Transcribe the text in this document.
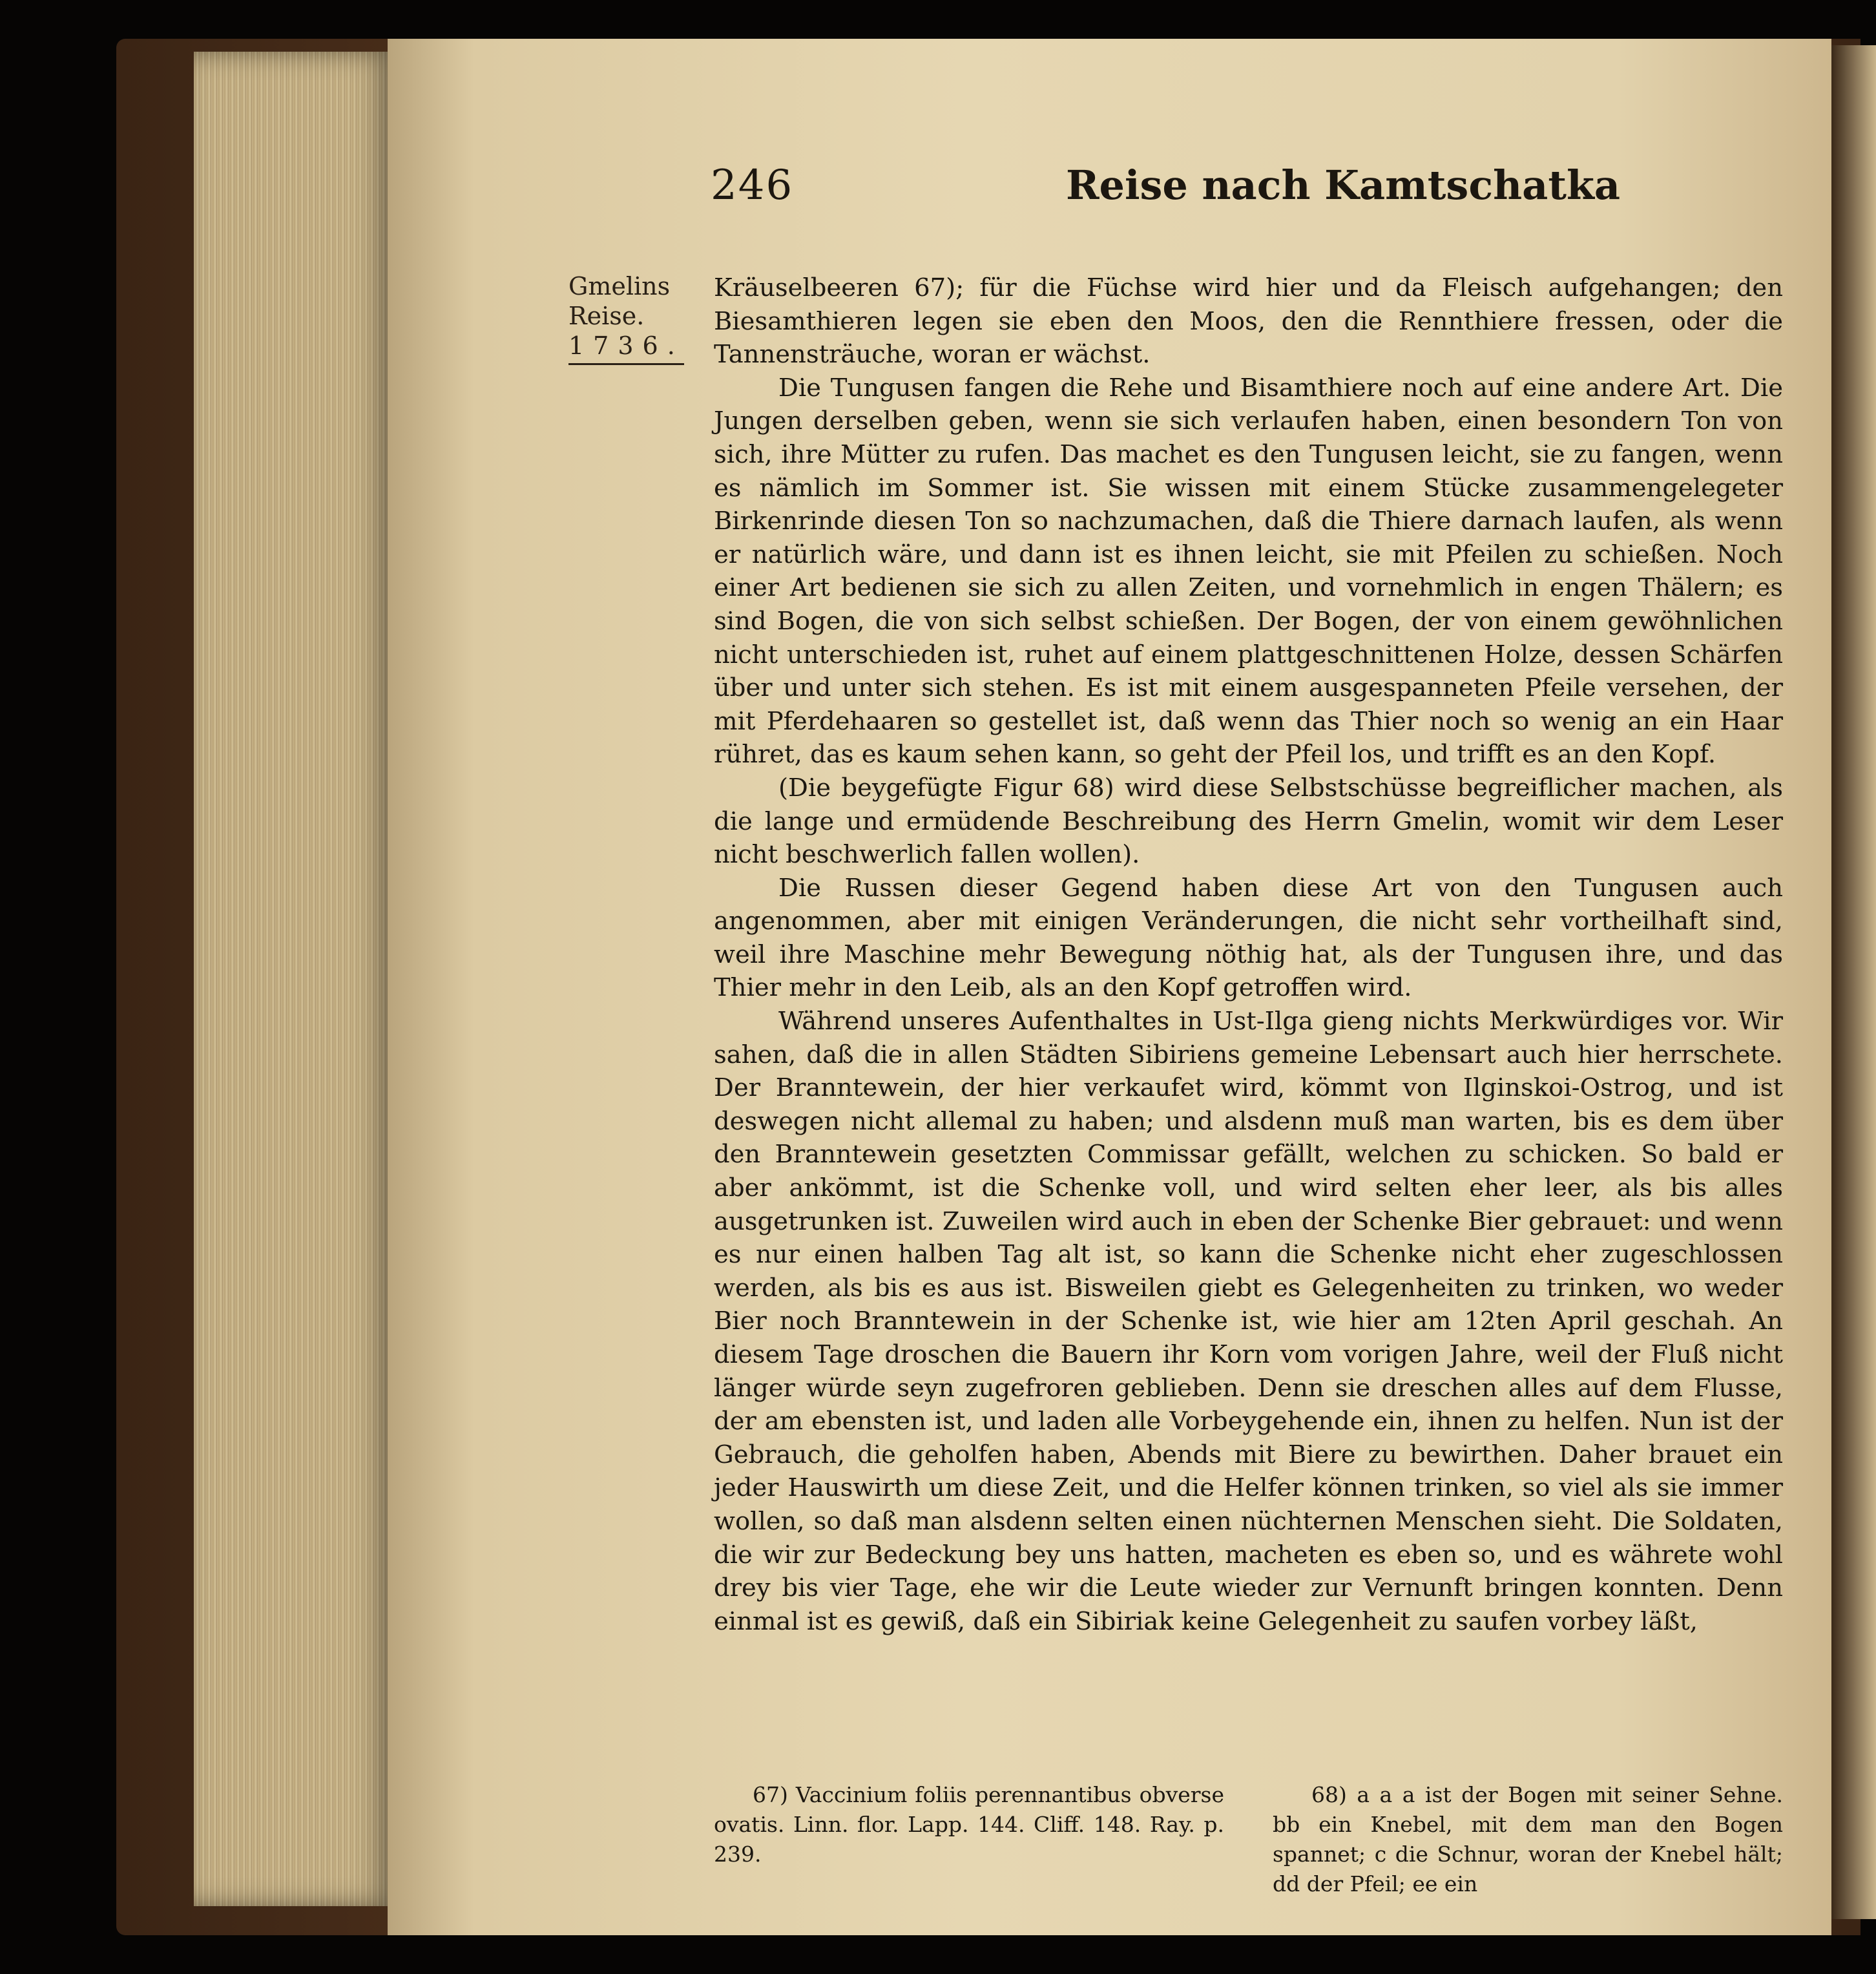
246	Reise nach Kamtschatka
Gmelins
Reise.
1736.

Kräuselbeeren 67); für die Füchse wird hier und da Fleisch aufgehangen; den Biesamthieren legen sie eben den Moos, den die Rennthiere fressen, oder die Tannensträuche, woran er wächst.

Die Tungusen fangen die Rehe und Bisamthiere noch auf eine andere Art. Die Jungen derselben geben, wenn sie sich verlaufen haben, einen besondern Ton von sich, ihre Mütter zu rufen. Das machet es den Tungusen leicht, sie zu fangen, wenn es nämlich im Sommer ist. Sie wissen mit einem Stücke zusammengelegeter Birkenrinde diesen Ton so nachzumachen, daß die Thiere darnach laufen, als wenn er natürlich wäre, und dann ist es ihnen leicht, sie mit Pfeilen zu schießen. Noch einer Art bedienen sie sich zu allen Zeiten, und vornehmlich in engen Thälern; es sind Bogen, die von sich selbst schießen. Der Bogen, der von einem gewöhnlichen nicht unterschieden ist, ruhet auf einem plattgeschnittenen Holze, dessen Schärfen über und unter sich stehen. Es ist mit einem ausgespanneten Pfeile versehen, der mit Pferdehaaren so gestellet ist, daß wenn das Thier noch so wenig an ein Haar rühret, das es kaum sehen kann, so geht der Pfeil los, und trifft es an den Kopf.

(Die beygefügte Figur 68) wird diese Selbstschüsse begreiflicher machen, als die lange und ermüdende Beschreibung des Herrn Gmelin, womit wir dem Leser nicht beschwerlich fallen wollen).

Die Russen dieser Gegend haben diese Art von den Tungusen auch angenommen, aber mit einigen Veränderungen, die nicht sehr vortheilhaft sind, weil ihre Maschine mehr Bewegung nöthig hat, als der Tungusen ihre, und das Thier mehr in den Leib, als an den Kopf getroffen wird.

Während unseres Aufenthaltes in Ust-Ilga gieng nichts Merkwürdiges vor. Wir sahen, daß die in allen Städten Sibiriens gemeine Lebensart auch hier herrschete. Der Branntewein, der hier verkaufet wird, kömmt von Ilginskoi-Ostrog, und ist deswegen nicht allemal zu haben; und alsdenn muß man warten, bis es dem über den Branntewein gesetzten Commissar gefällt, welchen zu schicken. So bald er aber ankömmt, ist die Schenke voll, und wird selten eher leer, als bis alles ausgetrunken ist. Zuweilen wird auch in eben der Schenke Bier gebrauet: und wenn es nur einen halben Tag alt ist, so kann die Schenke nicht eher zugeschlossen werden, als bis es aus ist. Bisweilen giebt es Gelegenheiten zu trinken, wo weder Bier noch Branntewein in der Schenke ist, wie hier am 12ten April geschah. An diesem Tage droschen die Bauern ihr Korn vom vorigen Jahre, weil der Fluß nicht länger würde seyn zugefroren geblieben. Denn sie dreschen alles auf dem Flusse, der am ebensten ist, und laden alle Vorbeygehende ein, ihnen zu helfen. Nun ist der Gebrauch, die geholfen haben, Abends mit Biere zu bewirthen. Daher brauet ein jeder Hauswirth um diese Zeit, und die Helfer können trinken, so viel als sie immer wollen, so daß man alsdenn selten einen nüchternen Menschen sieht. Die Soldaten, die wir zur Bedeckung bey uns hatten, macheten es eben so, und es währete wohl drey bis vier Tage, ehe wir die Leute wieder zur Vernunft bringen konnten. Denn einmal ist es gewiß, daß ein Sibiriak keine Gelegenheit zu saufen vorbey läßt,

67) Vaccinium foliis perennantibus obverse ovatis. Linn. flor. Lapp. 144. Cliff. 148. Ray. p. 239.

68) a a a ist der Bogen mit seiner Sehne. bb ein Knebel, mit dem man den Bogen spannet; c die Schnur, woran der Knebel hält; dd der Pfeil; ee ein
